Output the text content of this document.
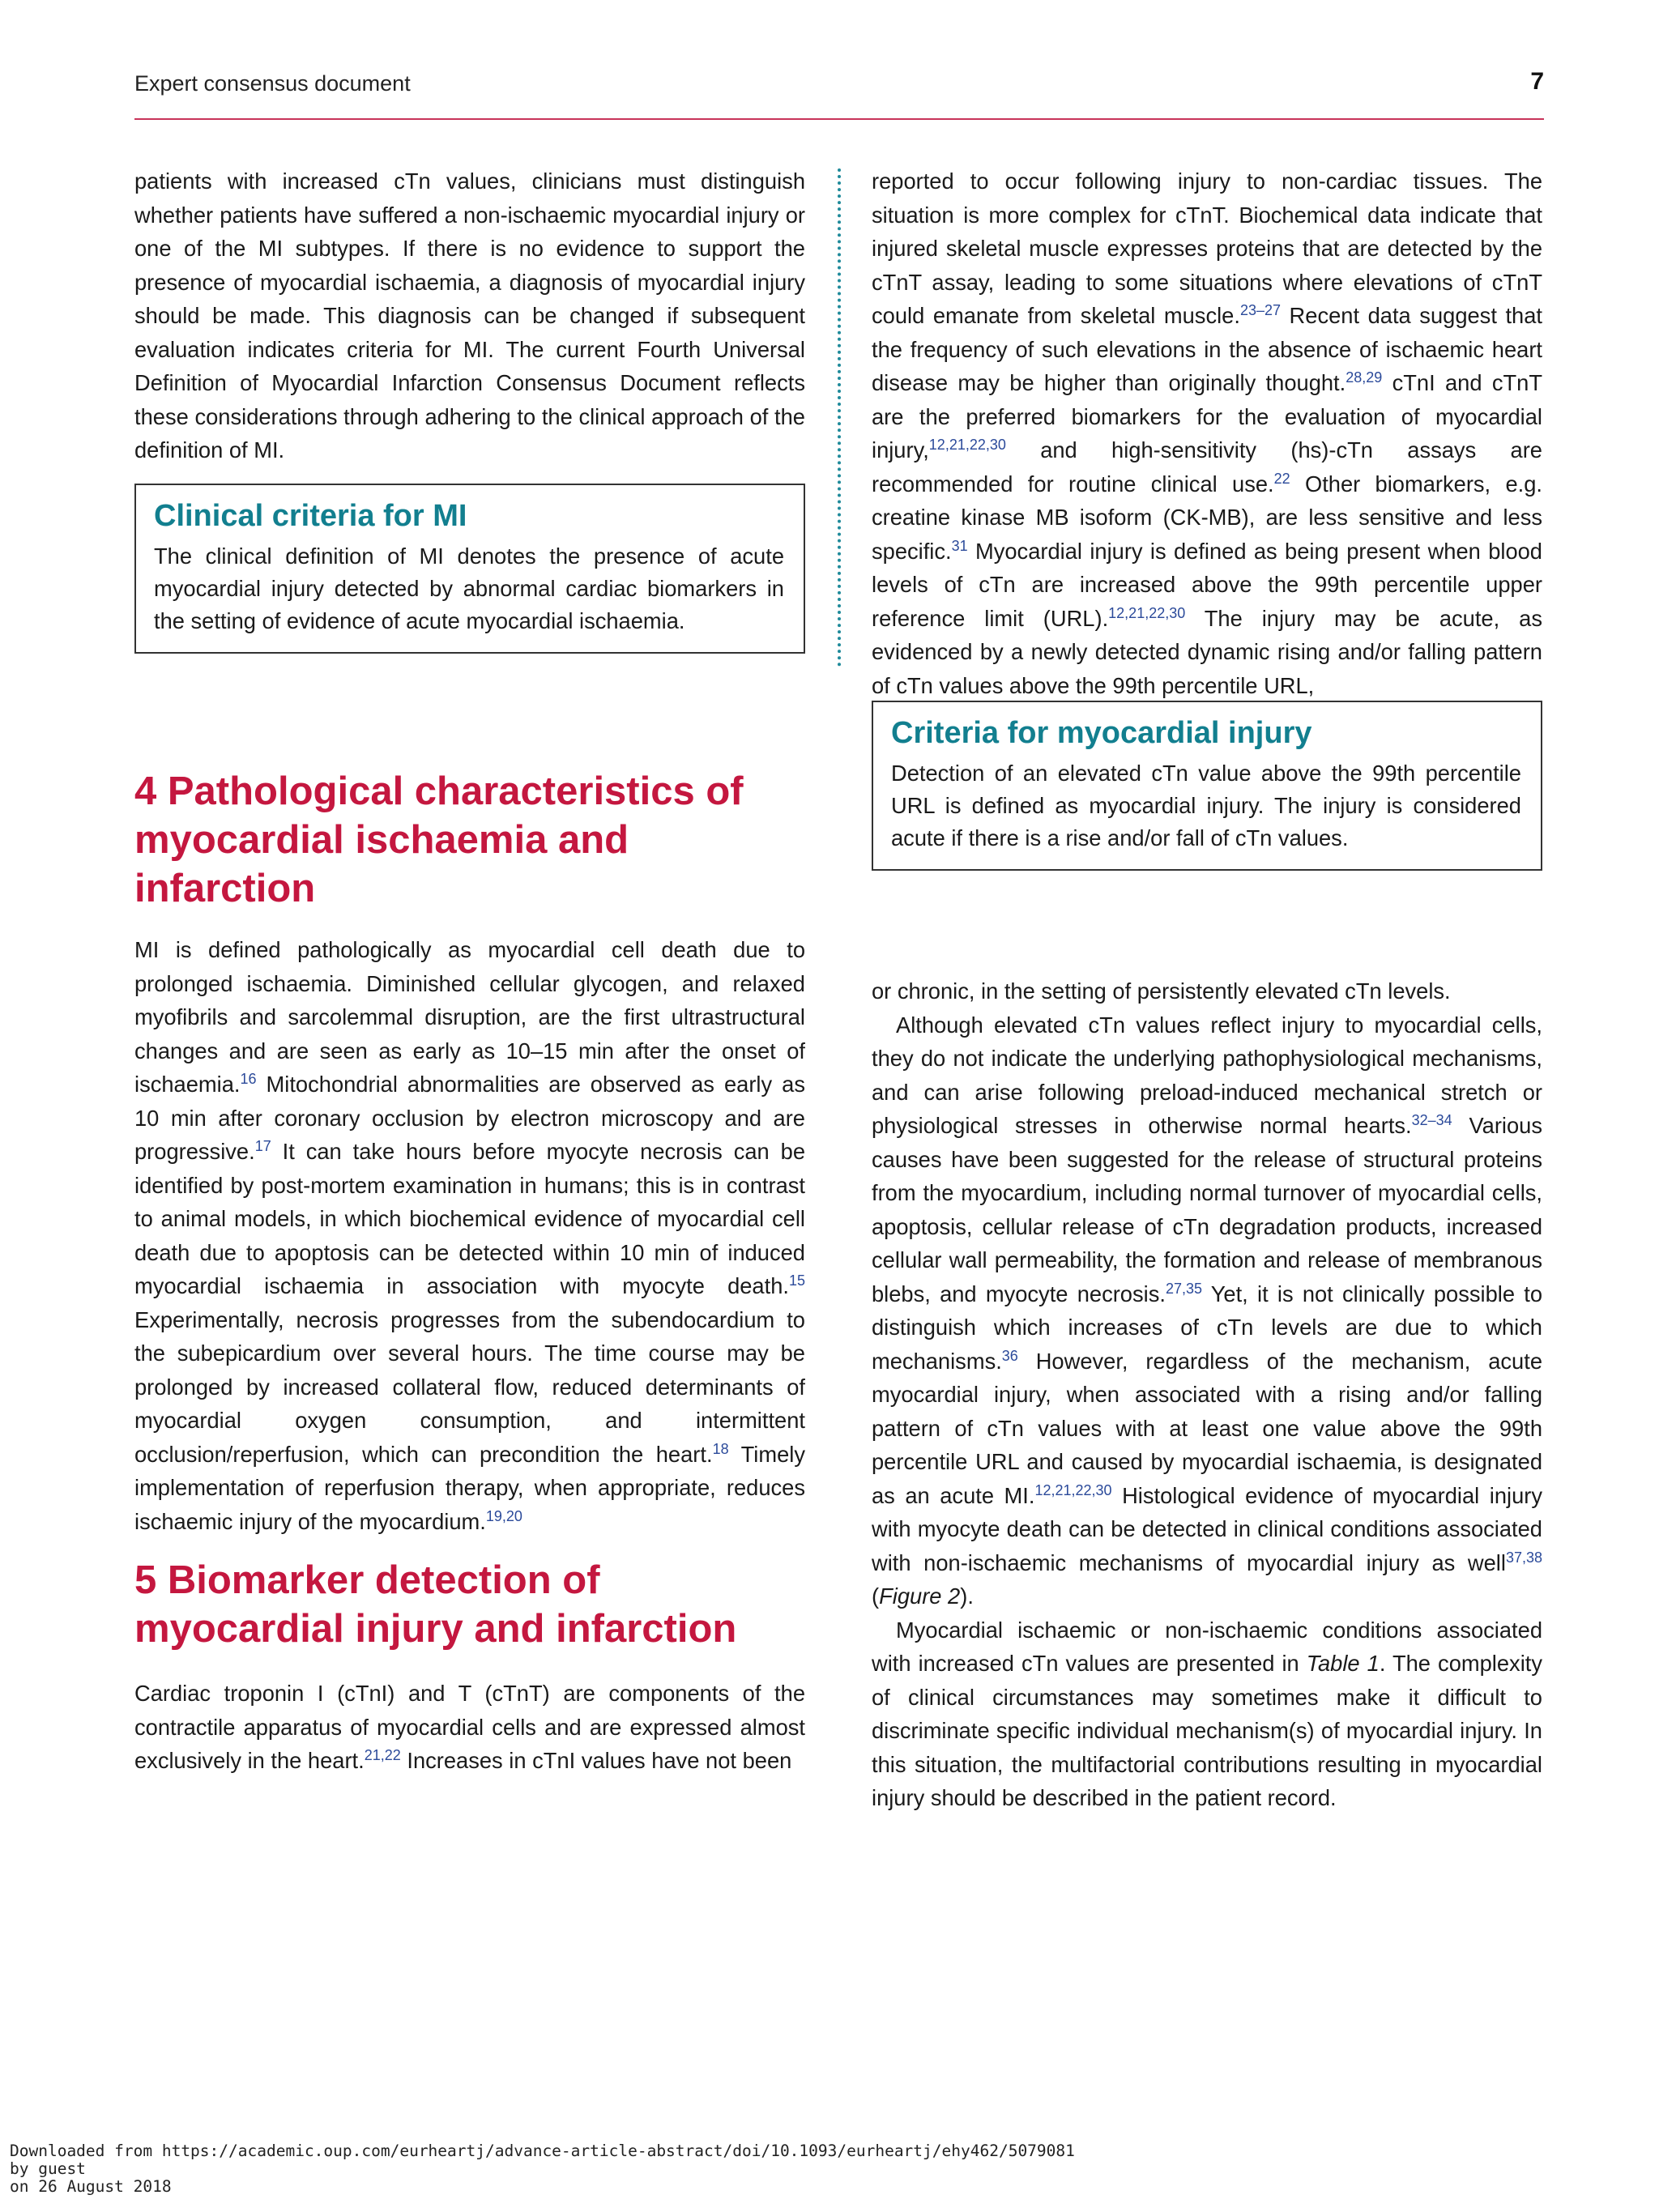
Expert consensus document	7

patients with increased cTn values, clinicians must distinguish whether patients have suffered a non-ischaemic myocardial injury or one of the MI subtypes. If there is no evidence to support the presence of myocardial ischaemia, a diagnosis of myocardial injury should be made. This diagnosis can be changed if subsequent evaluation indicates criteria for MI. The current Fourth Universal Definition of Myocardial Infarction Consensus Document reflects these considerations through adhering to the clinical approach of the definition of MI.

Clinical criteria for MI

The clinical definition of MI denotes the presence of acute myocardial injury detected by abnormal cardiac biomarkers in the setting of evidence of acute myocardial ischaemia.

4 Pathological characteristics of myocardial ischaemia and infarction

MI is defined pathologically as myocardial cell death due to prolonged ischaemia. Diminished cellular glycogen, and relaxed myofibrils and sarcolemmal disruption, are the first ultrastructural changes and are seen as early as 10–15 min after the onset of ischaemia.$^{16}$ Mitochondrial abnormalities are observed as early as 10 min after coronary occlusion by electron microscopy and are progressive.$^{17}$ It can take hours before myocyte necrosis can be identified by post-mortem examination in humans; this is in contrast to animal models, in which biochemical evidence of myocardial cell death due to apoptosis can be detected within 10 min of induced myocardial ischaemia in association with myocyte death.$^{15}$ Experimentally, necrosis progresses from the subendocardium to the subepicardium over several hours. The time course may be prolonged by increased collateral flow, reduced determinants of myocardial oxygen consumption, and intermittent occlusion/reperfusion, which can precondition the heart.$^{18}$ Timely implementation of reperfusion therapy, when appropriate, reduces ischaemic injury of the myocardium.$^{19,20}$

5 Biomarker detection of myocardial injury and infarction

Cardiac troponin I (cTnI) and T (cTnT) are components of the contractile apparatus of myocardial cells and are expressed almost exclusively in the heart.$^{21,22}$ Increases in cTnI values have not been

reported to occur following injury to non-cardiac tissues. The situation is more complex for cTnT. Biochemical data indicate that injured skeletal muscle expresses proteins that are detected by the cTnT assay, leading to some situations where elevations of cTnT could emanate from skeletal muscle.$^{23-27}$ Recent data suggest that the frequency of such elevations in the absence of ischaemic heart disease may be higher than originally thought.$^{28,29}$ cTnI and cTnT are the preferred biomarkers for the evaluation of myocardial injury,$^{12,21,22,30}$ and high-sensitivity (hs)-cTn assays are recommended for routine clinical use.$^{22}$ Other biomarkers, e.g. creatine kinase MB isoform (CK-MB), are less sensitive and less specific.$^{31}$ Myocardial injury is defined as being present when blood levels of cTn are increased above the 99th percentile upper reference limit (URL).$^{12,21,22,30}$ The injury may be acute, as evidenced by a newly detected dynamic rising and/or falling pattern of cTn values above the 99th percentile URL,

Criteria for myocardial injury

Detection of an elevated cTn value above the 99th percentile URL is defined as myocardial injury. The injury is considered acute if there is a rise and/or fall of cTn values.

or chronic, in the setting of persistently elevated cTn levels.

Although elevated cTn values reflect injury to myocardial cells, they do not indicate the underlying pathophysiological mechanisms, and can arise following preload-induced mechanical stretch or physiological stresses in otherwise normal hearts.$^{32-34}$ Various causes have been suggested for the release of structural proteins from the myocardium, including normal turnover of myocardial cells, apoptosis, cellular release of cTn degradation products, increased cellular wall permeability, the formation and release of membranous blebs, and myocyte necrosis.$^{27,35}$ Yet, it is not clinically possible to distinguish which increases of cTn levels are due to which mechanisms.$^{36}$ However, regardless of the mechanism, acute myocardial injury, when associated with a rising and/or falling pattern of cTn values with at least one value above the 99th percentile URL and caused by myocardial ischaemia, is designated as an acute MI.$^{12,21,22,30}$ Histological evidence of myocardial injury with myocyte death can be detected in clinical conditions associated with non-ischaemic mechanisms of myocardial injury as well$^{37,38}$ (Figure 2).

Myocardial ischaemic or non-ischaemic conditions associated with increased cTn values are presented in Table 1. The complexity of clinical circumstances may sometimes make it difficult to discriminate specific individual mechanism(s) of myocardial injury. In this situation, the multifactorial contributions resulting in myocardial injury should be described in the patient record.

Downloaded from https://academic.oup.com/eurheartj/advance-article-abstract/doi/10.1093/eurheartj/ehy462/5079081
by guest
on 26 August 2018
